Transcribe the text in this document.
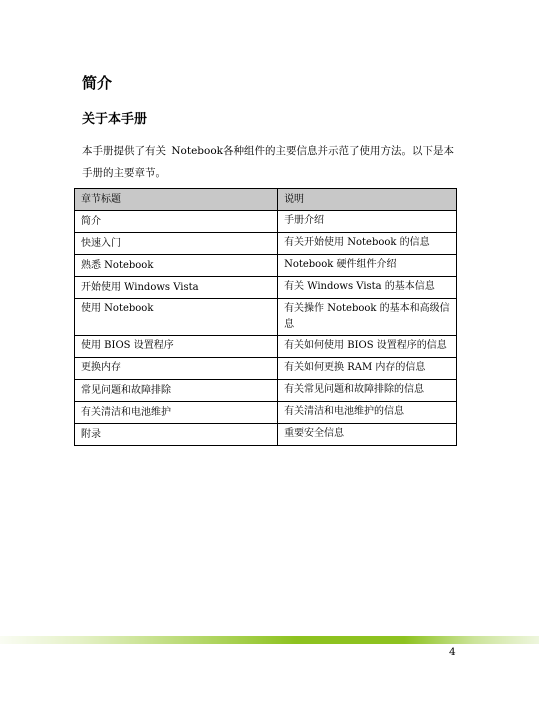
简介
关于本手册

本手册提供了有关 Notebook各种组件的主要信息并示范了使用方法。以下是本手册的主要章节。

章节标题	说明
简介	手册介绍
快速入门	有关开始使用 Notebook 的信息
熟悉 Notebook	Notebook 硬件组件介绍
开始使用 Windows Vista	有关 Windows Vista 的基本信息
使用 Notebook	有关操作 Notebook 的基本和高级信息
使用 BIOS 设置程序	有关如何使用 BIOS 设置程序的信息
更换内存	有关如何更换 RAM 内存的信息
常见问题和故障排除	有关常见问题和故障排除的信息
有关清洁和电池维护	有关清洁和电池维护的信息
附录	重要安全信息

4
